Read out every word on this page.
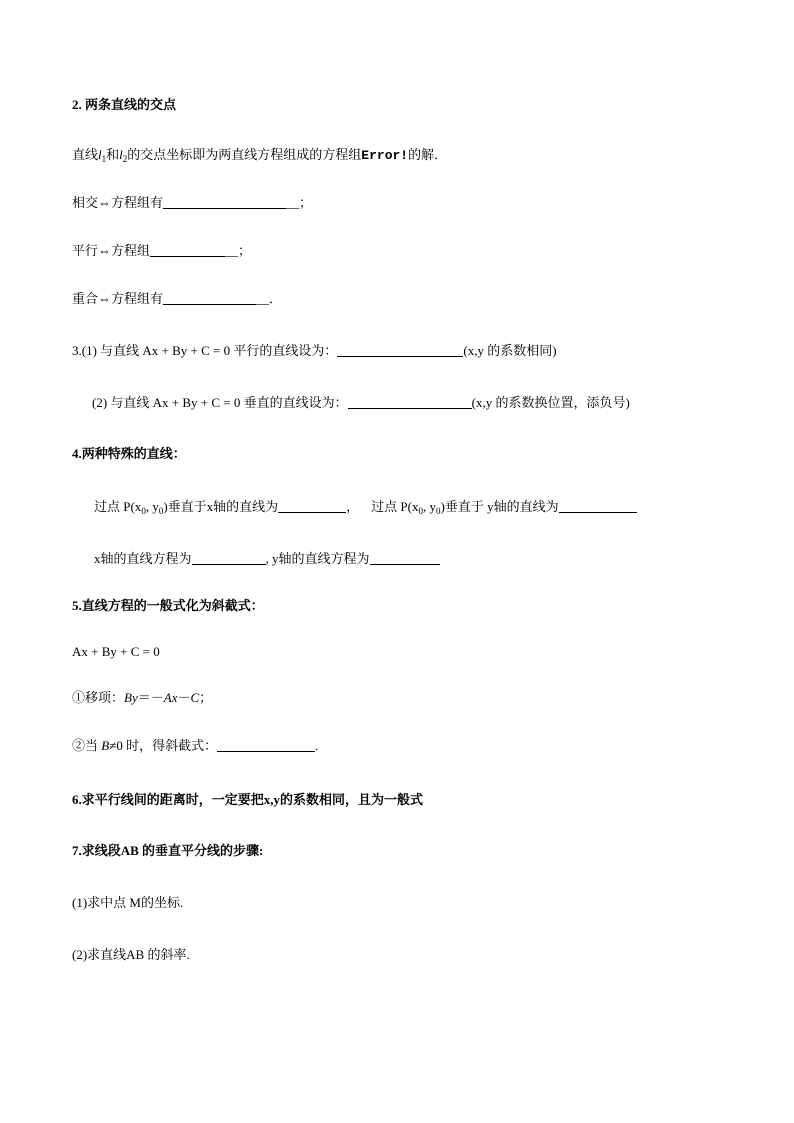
2. 两条直线的交点
直线$l_1$和$l_2$的交点坐标即为两直线方程组成的方程组Error!的解．
相交⇔方程组有__	__；
平行⇔方程组__	__；
重合⇔方程组有__	__．
3.(1) 与直线 Ax + By + C = 0 平行的直线设为：	(x,y 的系数相同)
(2) 与直线 Ax + By + C = 0 垂直的直线设为：	(x,y 的系数换位置，添负号)
4.两种特殊的直线：
过点 $P(x_0$, $y_0$)垂直于x轴的直线为	， 过点 $P(x_0$, $y_0$)垂直于 y轴的直线为
x轴的直线方程为	, y轴的直线方程为
5.直线方程的一般式化为斜截式：
Ax + By + C = 0
①移项：By＝－Ax－C；
②当 B≠0 时，得斜截式：	.
6.求平行线间的距离时，一定要把x,y的系数相同，且为一般式
7.求线段AB 的垂直平分线的步骤:
(1)求中点 M的坐标.
(2)求直线AB 的斜率.
